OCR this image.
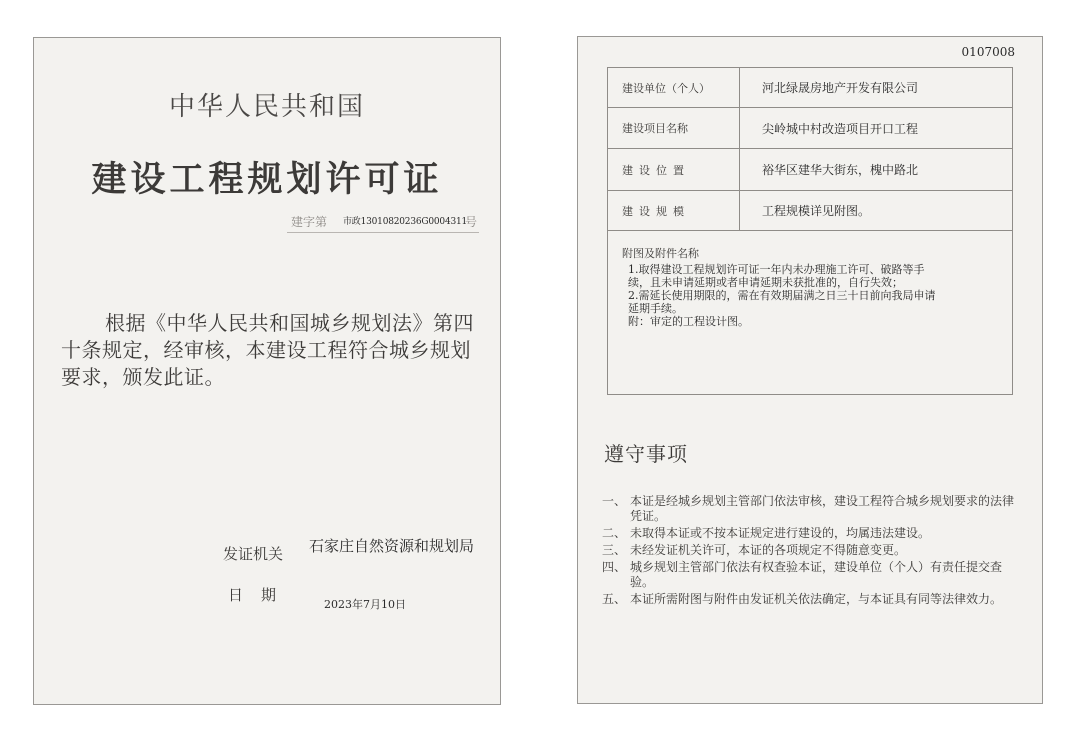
中华人民共和国
建设工程规划许可证
建字第 市政13010820236G0004311
号
根据《中华人民共和国城乡规划法》第四十条规定，经审核，本建设工程符合城乡规划要求，颁发此证。
发证机关 石家庄自然资源和规划局
日期
2023年7月10日
0107008
建设单位（个人）	河北绿晟房地产开发有限公司
建设项目名称	尖岭城中村改造项目开口工程
建设位置	裕华区建华大街东，槐中路北
建设规模	工程规模详见附图。
附图及附件名称
1.取得建设工程规划许可证一年内未办理施工许可、破路等手
续，且未申请延期或者申请延期未获批准的，自行失效；
2.需延长使用期限的，需在有效期届满之日三十日前向我局申请
延期手续。
附：审定的工程设计图。
遵守事项
一、 本证是经城乡规划主管部门依法审核，建设工程符合城乡规划要求的法律凭证。
二、 未取得本证或不按本证规定进行建设的，均属违法建设。
三、 未经发证机关许可，本证的各项规定不得随意变更。
四、 城乡规划主管部门依法有权查验本证，建设单位（个人）有责任提交查验。
五、 本证所需附图与附件由发证机关依法确定，与本证具有同等法律效力。
